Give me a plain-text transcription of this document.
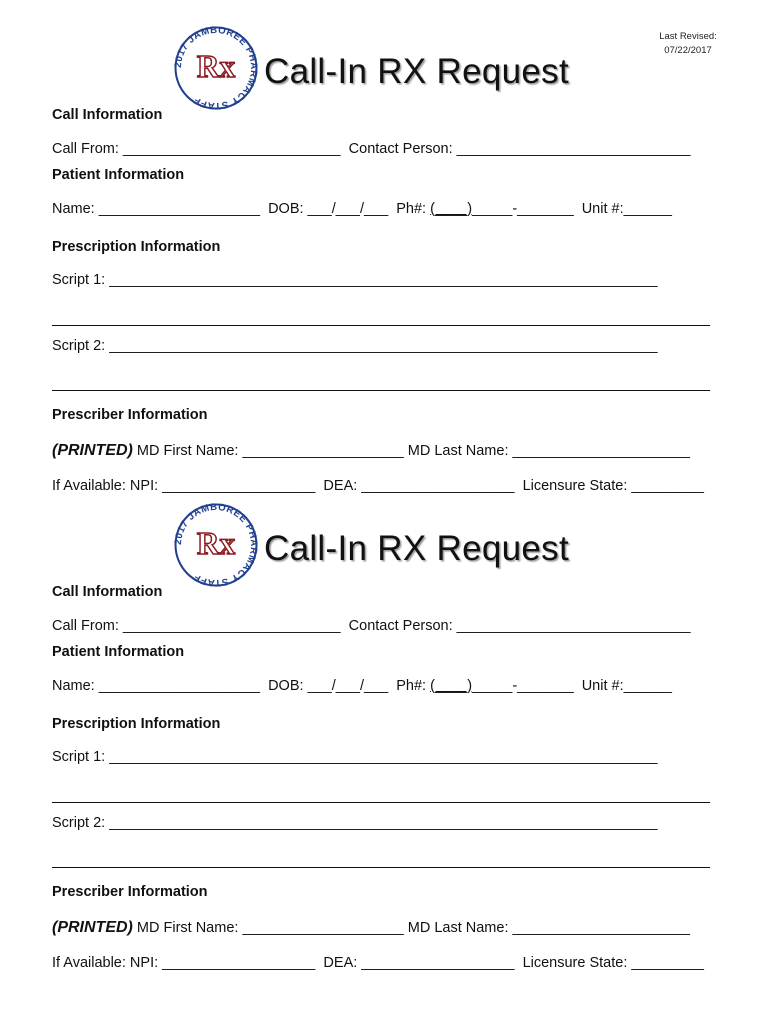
Last Revised:
07/22/2017
2017 JAMBOREE PHARMACY STAFF
Rx Call-In RX Request
Call Information
Call From: ___________________________  Contact Person: _____________________________
Patient Information
Name: ____________________  DOB: ___/___/___  Ph#: (____)_____-_______  Unit #:______
Prescription Information
Script 1: ____________________________________________________________________
Script 2: ____________________________________________________________________
Prescriber Information
(PRINTED) MD First Name: ____________________ MD Last Name: ______________________
If Available: NPI: ___________________  DEA: ___________________  Licensure State: _________
2017 JAMBOREE PHARMACY STAFF
Rx Call-In RX Request
Call Information
Call From: ___________________________  Contact Person: _____________________________
Patient Information
Name: ____________________  DOB: ___/___/___  Ph#: (____)_____-_______  Unit #:______
Prescription Information
Script 1: ____________________________________________________________________
Script 2: ____________________________________________________________________
Prescriber Information
(PRINTED) MD First Name: ____________________ MD Last Name: ______________________
If Available: NPI: ___________________  DEA: ___________________  Licensure State: _________
